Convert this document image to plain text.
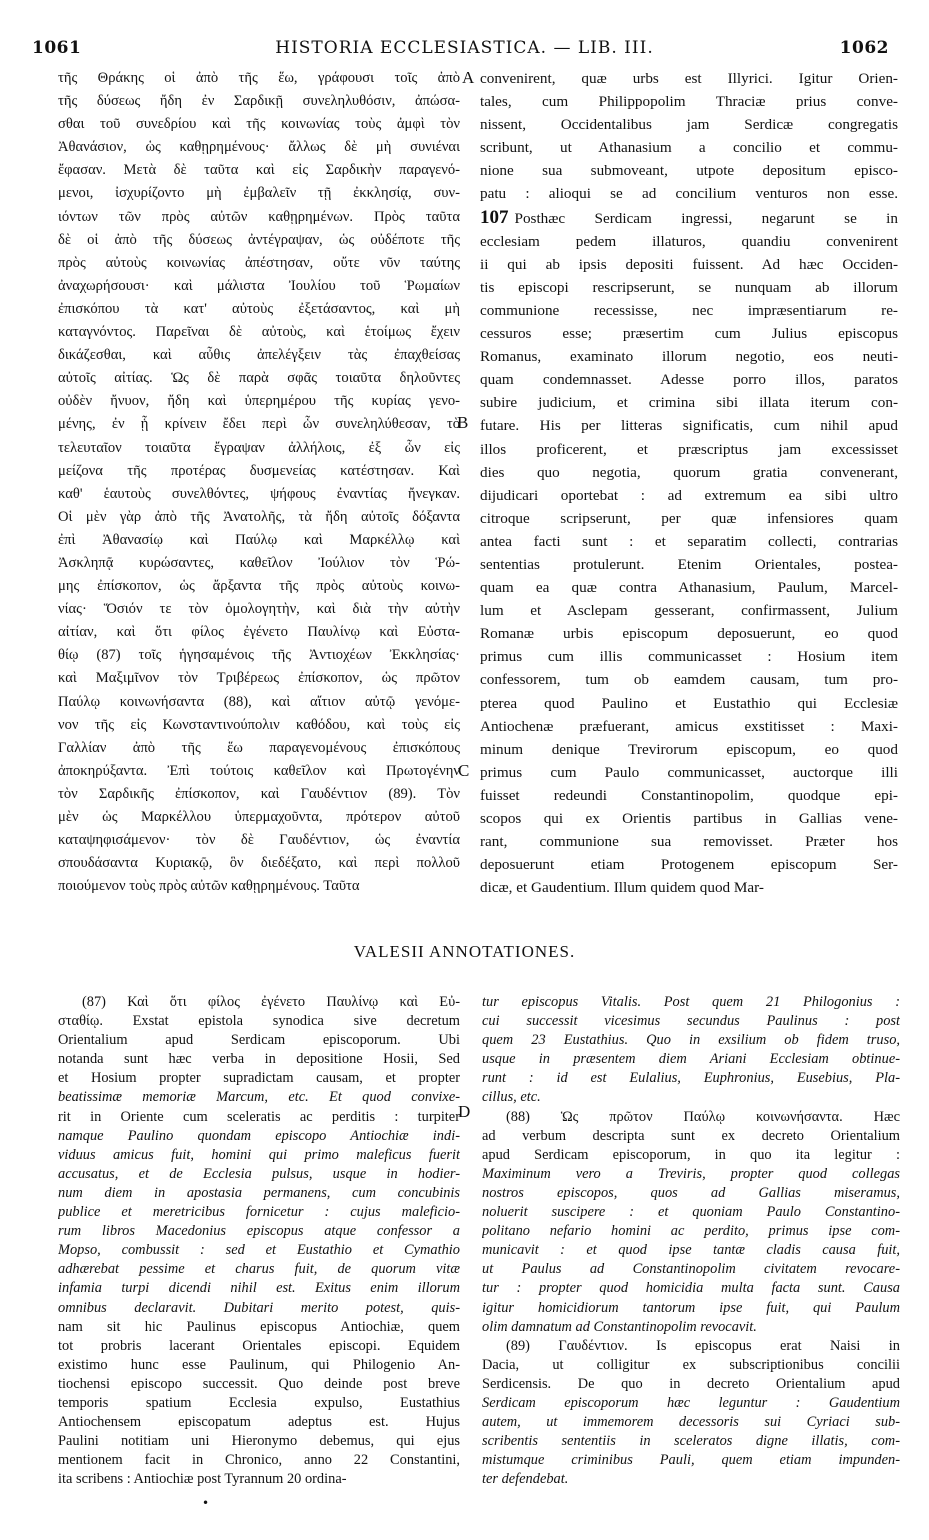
1061	HISTORIA ECCLESIASTICA. — LIB. III.	1062

τῆς Θράκης οἱ ἀπὸ τῆς ἕω, γράφουσι τοῖς ἀπὸ

τῆς δύσεως ἤδη ἐν Σαρδικῇ συνεληλυθόσιν, ἀπώσα-

σθαι τοῦ συνεδρίου καὶ τῆς κοινωνίας τοὺς ἀμφὶ τὸν

Ἀθανάσιον, ὡς καθῃρημένους· ἄλλως δὲ μὴ συνιέναι

ἔφασαν. Μετὰ δὲ ταῦτα καὶ εἰς Σαρδικὴν παραγενό-

μενοι, ἰσχυρίζοντο μὴ ἐμβαλεῖν τῇ ἐκκλησίᾳ, συν-

ιόντων τῶν πρὸς αὐτῶν καθῃρημένων. Πρὸς ταῦτα

δὲ οἱ ἀπὸ τῆς δύσεως ἀντέγραψαν, ὡς οὐδέποτε τῆς

πρὸς αὐτοὺς κοινωνίας ἀπέστησαν, οὔτε νῦν ταύτης

ἀναχωρήσουσι· καὶ μάλιστα Ἰουλίου τοῦ Ῥωμαίων

ἐπισκόπου τὰ κατ' αὐτοὺς ἐξετάσαντος, καὶ μὴ

καταγνόντος. Παρεῖναι δὲ αὐτοὺς, καὶ ἑτοίμως ἔχειν

δικάζεσθαι, καὶ αὖθις ἀπελέγξειν τὰς ἐπαχθείσας

αὐτοῖς αἰτίας. Ὡς δὲ παρὰ σφᾶς τοιαῦτα δηλοῦντες

οὐδὲν ἤνυον, ἤδη καὶ ὑπερημέρου τῆς κυρίας γενο-

μένης, ἐν ᾗ κρίνειν ἔδει περὶ ὧν συνεληλύθεσαν, τὸ

τελευταῖον τοιαῦτα ἔγραψαν ἀλλήλοις, ἐξ ὧν εἰς

μείζονα τῆς προτέρας δυσμενείας κατέστησαν. Καὶ

καθ' ἑαυτοὺς συνελθόντες, ψήφους ἐναντίας ἤνεγκαν.

Οἱ μὲν γὰρ ἀπὸ τῆς Ἀνατολῆς, τὰ ἤδη αὐτοῖς δόξαντα

ἐπὶ Ἀθανασίῳ καὶ Παύλῳ καὶ Μαρκέλλῳ καὶ

Ἀσκληπᾷ κυρώσαντες, καθεῖλον Ἰούλιον τὸν Ῥώ-

μης ἐπίσκοπον, ὡς ἄρξαντα τῆς πρὸς αὐτοὺς κοινω-

νίας· Ὅσιόν τε τὸν ὁμολογητὴν, καὶ διὰ τὴν αὐτὴν

αἰτίαν, καὶ ὅτι φίλος ἐγένετο Παυλίνῳ καὶ Εὐστα-

θίῳ (87) τοῖς ἡγησαμένοις τῆς Ἀντιοχέων Ἐκκλησίας·

καὶ Μαξιμῖνον τὸν Τριβέρεως ἐπίσκοπον, ὡς πρῶτον

Παύλῳ κοινωνήσαντα (88), καὶ αἴτιον αὐτῷ γενόμε-

νον τῆς εἰς Κωνσταντινούπολιν καθόδου, καὶ τοὺς εἰς

Γαλλίαν ἀπὸ τῆς ἕω παραγενομένους ἐπισκόπους

ἀποκηρύξαντα. Ἐπὶ τούτοις καθεῖλον καὶ Πρωτογένην

τὸν Σαρδικῆς ἐπίσκοπον, καὶ Γαυδέντιον (89). Τὸν

μὲν ὡς Μαρκέλλου ὑπερμαχοῦντα, πρότερον αὐτοῦ

καταψηφισάμενον· τὸν δὲ Γαυδέντιον, ὡς ἐναντία

σπουδάσαντα Κυριακῷ, ὃν διεδέξατο, καὶ περὶ πολλοῦ

ποιούμενον τοὺς πρὸς αὐτῶν καθῃρημένους. Ταῦτα

convenirent, quæ urbs est Illyrici. Igitur Orien-

tales, cum Philippopolim Thraciæ prius conve-

nissent, Occidentalibus jam Serdicæ congregatis

scribunt, ut Athanasium a concilio et commu-

nione sua submoveant, utpote depositum episco-

patu : alioqui se ad concilium venturos non esse.

107 Posthæc Serdicam ingressi, negarunt se in

ecclesiam pedem illaturos, quandiu convenirent

ii qui ab ipsis depositi fuissent. Ad hæc Occiden-

tis episcopi rescripserunt, se nunquam ab illorum

communione recessisse, nec impræsentiarum re-

cessuros esse; præsertim cum Julius episcopus

Romanus, examinato illorum negotio, eos neuti-

quam condemnasset. Adesse porro illos, paratos

subire judicium, et crimina sibi illata iterum con-

futare. His per litteras significatis, cum nihil apud

illos proficerent, et præscriptus jam excessisset

dies quo negotia, quorum gratia convenerant,

dijudicari oportebat : ad extremum ea sibi ultro

citroque scripserunt, per quæ infensiores quam

antea facti sunt : et separatim collecti, contrarias

sententias protulerunt. Etenim Orientales, postea-

quam ea quæ contra Athanasium, Paulum, Marcel-

lum et Asclepam gesserant, confirmassent, Julium

Romanæ urbis episcopum deposuerunt, eo quod

primus cum illis communicasset : Hosium item

confessorem, tum ob eamdem causam, tum pro-

pterea quod Paulino et Eustathio qui Ecclesiæ

Antiochenæ præfuerant, amicus exstitisset : Maxi-

minum denique Trevirorum episcopum, eo quod

primus cum Paulo communicasset, auctorque illi

fuisset redeundi Constantinopolim, quodque epi-

scopos qui ex Orientis partibus in Gallias vene-

rant, communione sua removisset. Præter hos

deposuerunt etiam Protogenem episcopum Ser-

dicæ, et Gaudentium. Illum quidem quod Mar-

A
B
C
D
VALESII ANNOTATIONES.

(87) Καὶ ὅτι φίλος ἐγένετο Παυλίνῳ καὶ Εὐ-

σταθίῳ. Exstat epistola synodica sive decretum

Orientalium apud Serdicam episcoporum. Ubi

notanda sunt hæc verba in depositione Hosii, Sed

et Hosium propter supradictam causam, et propter

beatissimæ memoriæ Marcum, etc. Et quod convixe-

rit in Oriente cum sceleratis ac perditis : turpiter

namque Paulino quondam episcopo Antiochiæ indi-

viduus amicus fuit, homini qui primo maleficus fuerit

accusatus, et de Ecclesia pulsus, usque in hodier-

num diem in apostasia permanens, cum concubinis

publice et meretricibus fornicetur : cujus maleficio-

rum libros Macedonius episcopus atque confessor a

Mopso, combussit : sed et Eustathio et Cymathio

adhærebat pessime et charus fuit, de quorum vitæ

infamia turpi dicendi nihil est. Exitus enim illorum

omnibus declaravit. Dubitari merito potest, quis-

nam sit hic Paulinus episcopus Antiochiæ, quem

tot probris lacerant Orientales episcopi. Equidem

existimo hunc esse Paulinum, qui Philogenio An-

tiochensi episcopo successit. Quo deinde post breve

temporis spatium Ecclesia expulso, Eustathius

Antiochensem episcopatum adeptus est. Hujus

Paulini notitiam uni Hieronymo debemus, qui ejus

mentionem facit in Chronico, anno 22 Constantini,

ita scribens : Antiochiæ post Tyrannum 20 ordina-

tur episcopus Vitalis. Post quem 21 Philogonius :

cui successit vicesimus secundus Paulinus : post

quem 23 Eustathius. Quo in exsilium ob fidem truso,

usque in præsentem diem Ariani Ecclesiam obtinue-

runt : id est Eulalius, Euphronius, Eusebius, Pla-

cillus, etc.

(88) Ὡς πρῶτον Παύλῳ κοινωνήσαντα. Hæc

ad verbum descripta sunt ex decreto Orientalium

apud Serdicam episcoporum, in quo ita legitur :

Maximinum vero a Treviris, propter quod collegas

nostros episcopos, quos ad Gallias miseramus,

noluerit suscipere : et quoniam Paulo Constantino-

politano nefario homini ac perdito, primus ipse com-

municavit : et quod ipse tantæ cladis causa fuit,

ut Paulus ad Constantinopolim civitatem revocare-

tur : propter quod homicidia multa facta sunt. Causa

igitur homicidiorum tantorum ipse fuit, qui Paulum

olim damnatum ad Constantinopolim revocavit.

(89) Γαυδέντιον. Is episcopus erat Naisi in

Dacia, ut colligitur ex subscriptionibus concilii

Serdicensis. De quo in decreto Orientalium apud

Serdicam episcoporum hæc leguntur : Gaudentium

autem, ut immemorem decessoris sui Cyriaci sub-

scribentis sententiis in sceleratos digne illatis, com-

mistumque criminibus Pauli, quem etiam impunden-

ter defendebat.

•
